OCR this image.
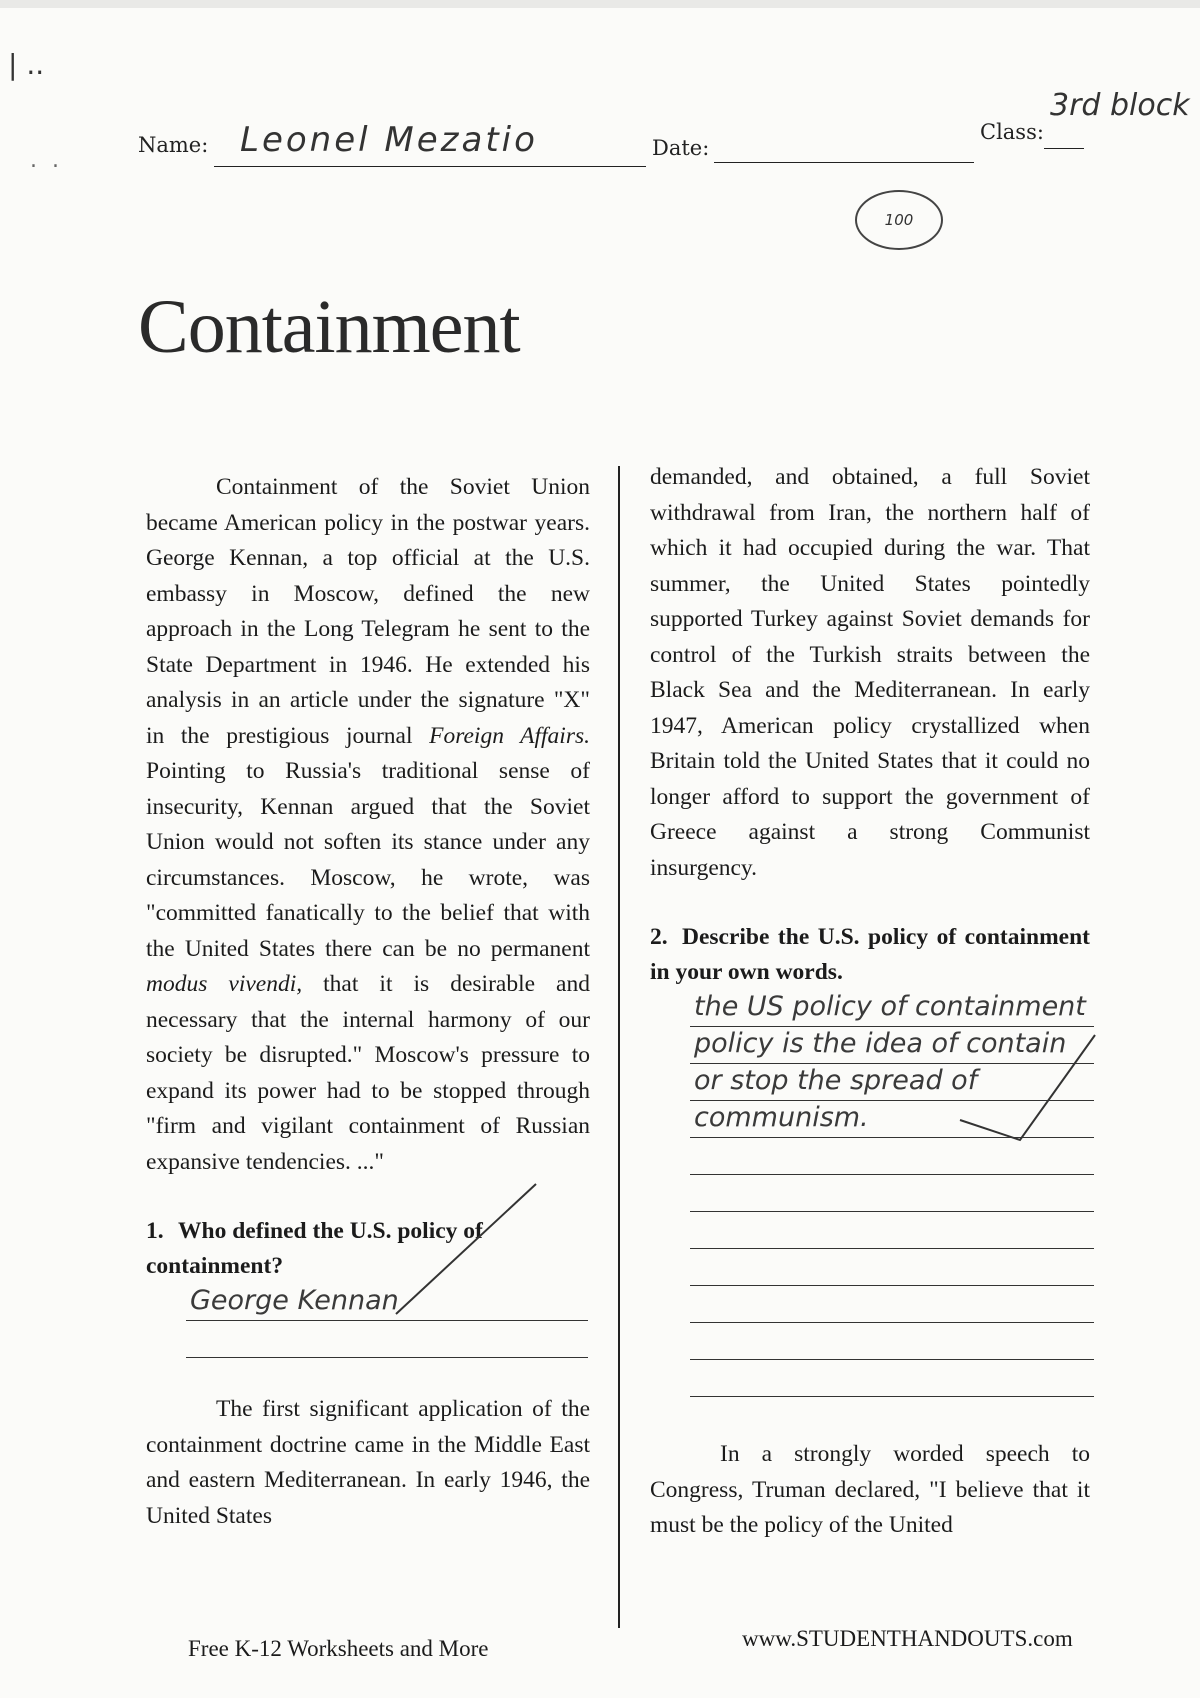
| ..
. .
Name: Leonel Mezatio	Date:
Class:
3rd block
100
Containment

Containment of the Soviet Union became American policy in the postwar years. George Kennan, a top official at the U.S. embassy in Moscow, defined the new approach in the Long Telegram he sent to the State Department in 1946. He extended his analysis in an article under the signature "X" in the prestigious journal Foreign Affairs. Pointing to Russia's traditional sense of insecurity, Kennan argued that the Soviet Union would not soften its stance under any circumstances. Moscow, he wrote, was "committed fanatically to the belief that with the United States there can be no permanent modus vivendi, that it is desirable and necessary that the internal harmony of our society be disrupted." Moscow's pressure to expand its power had to be stopped through "firm and vigilant containment of Russian expansive tendencies. ..."

1. Who defined the U.S. policy of containment?
George Kennan

The first significant application of the containment doctrine came in the Middle East and eastern Mediterranean. In early 1946, the United States

demanded, and obtained, a full Soviet withdrawal from Iran, the northern half of which it had occupied during the war. That summer, the United States pointedly supported Turkey against Soviet demands for control of the Turkish straits between the Black Sea and the Mediterranean. In early 1947, American policy crystallized when Britain told the United States that it could no longer afford to support the government of Greece against a strong Communist insurgency.

2. Describe the U.S. policy of containment in your own words.
the US policy of containment
policy is the idea of contain
or stop the spread of
communism.

In a strongly worded speech to Congress, Truman declared, "I believe that it must be the policy of the United

Free K-12 Worksheets and More	www.STUDENTHANDOUTS.com
